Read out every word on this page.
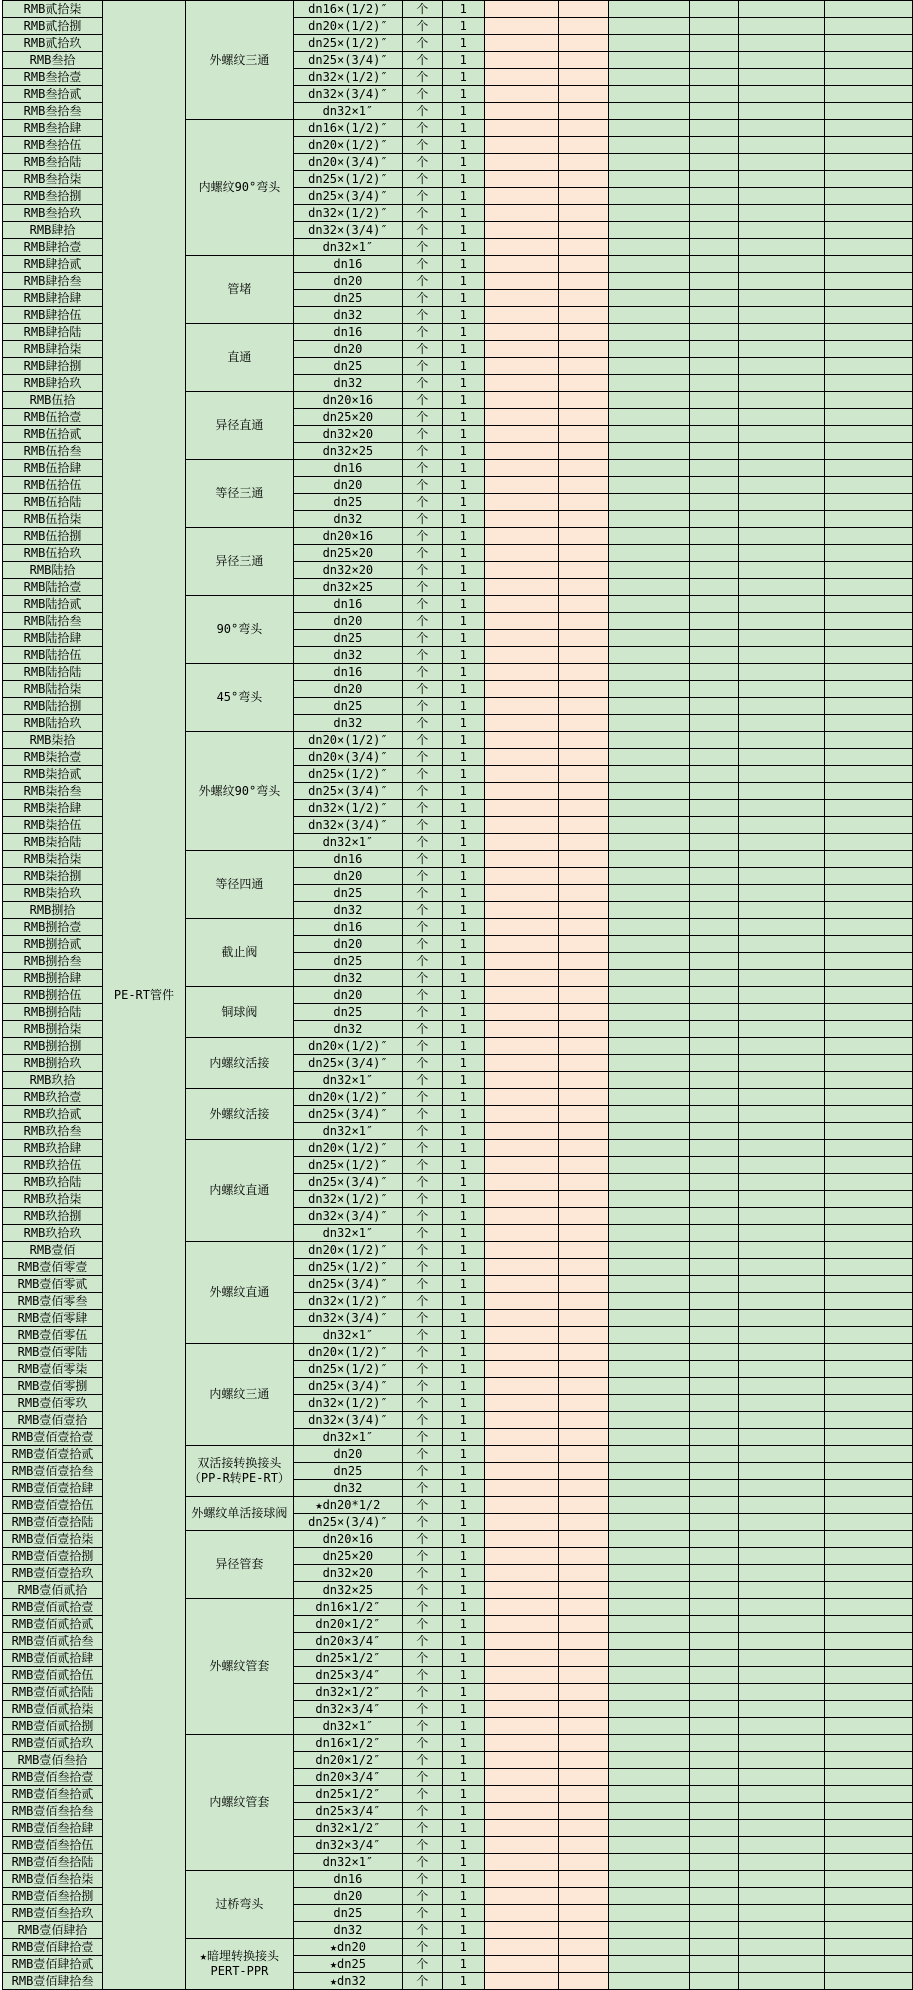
RMB贰拾柒	PE-RT管件	外螺纹三通	dn16×(1/2)″	个	1						
RMB贰拾捌			dn20×(1/2)″	个	1						
RMB贰拾玖			dn25×(1/2)″	个	1						
RMB叁拾			dn25×(3/4)″	个	1						
RMB叁拾壹			dn32×(1/2)″	个	1						
RMB叁拾贰			dn32×(3/4)″	个	1						
RMB叁拾叁			dn32×1″	个	1						
RMB叁拾肆		内螺纹90°弯头	dn16×(1/2)″	个	1						
RMB叁拾伍			dn20×(1/2)″	个	1						
RMB叁拾陆			dn20×(3/4)″	个	1						
RMB叁拾柒			dn25×(1/2)″	个	1						
RMB叁拾捌			dn25×(3/4)″	个	1						
RMB叁拾玖			dn32×(1/2)″	个	1						
RMB肆拾			dn32×(3/4)″	个	1						
RMB肆拾壹			dn32×1″	个	1						
RMB肆拾贰		管堵	dn16	个	1						
RMB肆拾叁			dn20	个	1						
RMB肆拾肆			dn25	个	1						
RMB肆拾伍			dn32	个	1						
RMB肆拾陆		直通	dn16	个	1						
RMB肆拾柒			dn20	个	1						
RMB肆拾捌			dn25	个	1						
RMB肆拾玖			dn32	个	1						
RMB伍拾		异径直通	dn20×16	个	1						
RMB伍拾壹			dn25×20	个	1						
RMB伍拾贰			dn32×20	个	1						
RMB伍拾叁			dn32×25	个	1						
RMB伍拾肆		等径三通	dn16	个	1						
RMB伍拾伍			dn20	个	1						
RMB伍拾陆			dn25	个	1						
RMB伍拾柒			dn32	个	1						
RMB伍拾捌		异径三通	dn20×16	个	1						
RMB伍拾玖			dn25×20	个	1						
RMB陆拾			dn32×20	个	1						
RMB陆拾壹			dn32×25	个	1						
RMB陆拾贰		90°弯头	dn16	个	1						
RMB陆拾叁			dn20	个	1						
RMB陆拾肆			dn25	个	1						
RMB陆拾伍			dn32	个	1						
RMB陆拾陆		45°弯头	dn16	个	1						
RMB陆拾柒			dn20	个	1						
RMB陆拾捌			dn25	个	1						
RMB陆拾玖			dn32	个	1						
RMB柒拾		外螺纹90°弯头	dn20×(1/2)″	个	1						
RMB柒拾壹			dn20×(3/4)″	个	1						
RMB柒拾贰			dn25×(1/2)″	个	1						
RMB柒拾叁			dn25×(3/4)″	个	1						
RMB柒拾肆			dn32×(1/2)″	个	1						
RMB柒拾伍			dn32×(3/4)″	个	1						
RMB柒拾陆			dn32×1″	个	1						
RMB柒拾柒		等径四通	dn16	个	1						
RMB柒拾捌			dn20	个	1						
RMB柒拾玖			dn25	个	1						
RMB捌拾			dn32	个	1						
RMB捌拾壹		截止阀	dn16	个	1						
RMB捌拾贰			dn20	个	1						
RMB捌拾叁			dn25	个	1						
RMB捌拾肆			dn32	个	1						
RMB捌拾伍		铜球阀	dn20	个	1						
RMB捌拾陆			dn25	个	1						
RMB捌拾柒			dn32	个	1						
RMB捌拾捌		内螺纹活接	dn20×(1/2)″	个	1						
RMB捌拾玖			dn25×(3/4)″	个	1						
RMB玖拾			dn32×1″	个	1						
RMB玖拾壹		外螺纹活接	dn20×(1/2)″	个	1						
RMB玖拾贰			dn25×(3/4)″	个	1						
RMB玖拾叁			dn32×1″	个	1						
RMB玖拾肆		内螺纹直通	dn20×(1/2)″	个	1						
RMB玖拾伍			dn25×(1/2)″	个	1						
RMB玖拾陆			dn25×(3/4)″	个	1						
RMB玖拾柒			dn32×(1/2)″	个	1						
RMB玖拾捌			dn32×(3/4)″	个	1						
RMB玖拾玖			dn32×1″	个	1						
RMB壹佰		外螺纹直通	dn20×(1/2)″	个	1						
RMB壹佰零壹			dn25×(1/2)″	个	1						
RMB壹佰零贰			dn25×(3/4)″	个	1						
RMB壹佰零叁			dn32×(1/2)″	个	1						
RMB壹佰零肆			dn32×(3/4)″	个	1						
RMB壹佰零伍			dn32×1″	个	1						
RMB壹佰零陆		内螺纹三通	dn20×(1/2)″	个	1						
RMB壹佰零柒			dn25×(1/2)″	个	1						
RMB壹佰零捌			dn25×(3/4)″	个	1						
RMB壹佰零玖			dn32×(1/2)″	个	1						
RMB壹佰壹拾			dn32×(3/4)″	个	1						
RMB壹佰壹拾壹			dn32×1″	个	1						
RMB壹佰壹拾贰		双活接转换接头
（PP-R转PE-RT）	dn20	个	1						
RMB壹佰壹拾叁			dn25	个	1						
RMB壹佰壹拾肆			dn32	个	1						
RMB壹佰壹拾伍		外螺纹单活接球阀	★dn20*1/2	个	1						
RMB壹佰壹拾陆			dn25×(3/4)″	个	1						
RMB壹佰壹拾柒		异径管套	dn20×16	个	1						
RMB壹佰壹拾捌			dn25×20	个	1						
RMB壹佰壹拾玖			dn32×20	个	1						
RMB壹佰贰拾			dn32×25	个	1						
RMB壹佰贰拾壹		外螺纹管套	dn16×1/2″	个	1						
RMB壹佰贰拾贰			dn20×1/2″	个	1						
RMB壹佰贰拾叁			dn20×3/4″	个	1						
RMB壹佰贰拾肆			dn25×1/2″	个	1						
RMB壹佰贰拾伍			dn25×3/4″	个	1						
RMB壹佰贰拾陆			dn32×1/2″	个	1						
RMB壹佰贰拾柒			dn32×3/4″	个	1						
RMB壹佰贰拾捌			dn32×1″	个	1						
RMB壹佰贰拾玖		内螺纹管套	dn16×1/2″	个	1						
RMB壹佰叁拾			dn20×1/2″	个	1						
RMB壹佰叁拾壹			dn20×3/4″	个	1						
RMB壹佰叁拾贰			dn25×1/2″	个	1						
RMB壹佰叁拾叁			dn25×3/4″	个	1						
RMB壹佰叁拾肆			dn32×1/2″	个	1						
RMB壹佰叁拾伍			dn32×3/4″	个	1						
RMB壹佰叁拾陆			dn32×1″	个	1						
RMB壹佰叁拾柒		过桥弯头	dn16	个	1						
RMB壹佰叁拾捌			dn20	个	1						
RMB壹佰叁拾玖			dn25	个	1						
RMB壹佰肆拾			dn32	个	1						
RMB壹佰肆拾壹		★暗埋转换接头
PERT-PPR	★dn20	个	1						
RMB壹佰肆拾贰			★dn25	个	1						
RMB壹佰肆拾叁			★dn32	个	1						
